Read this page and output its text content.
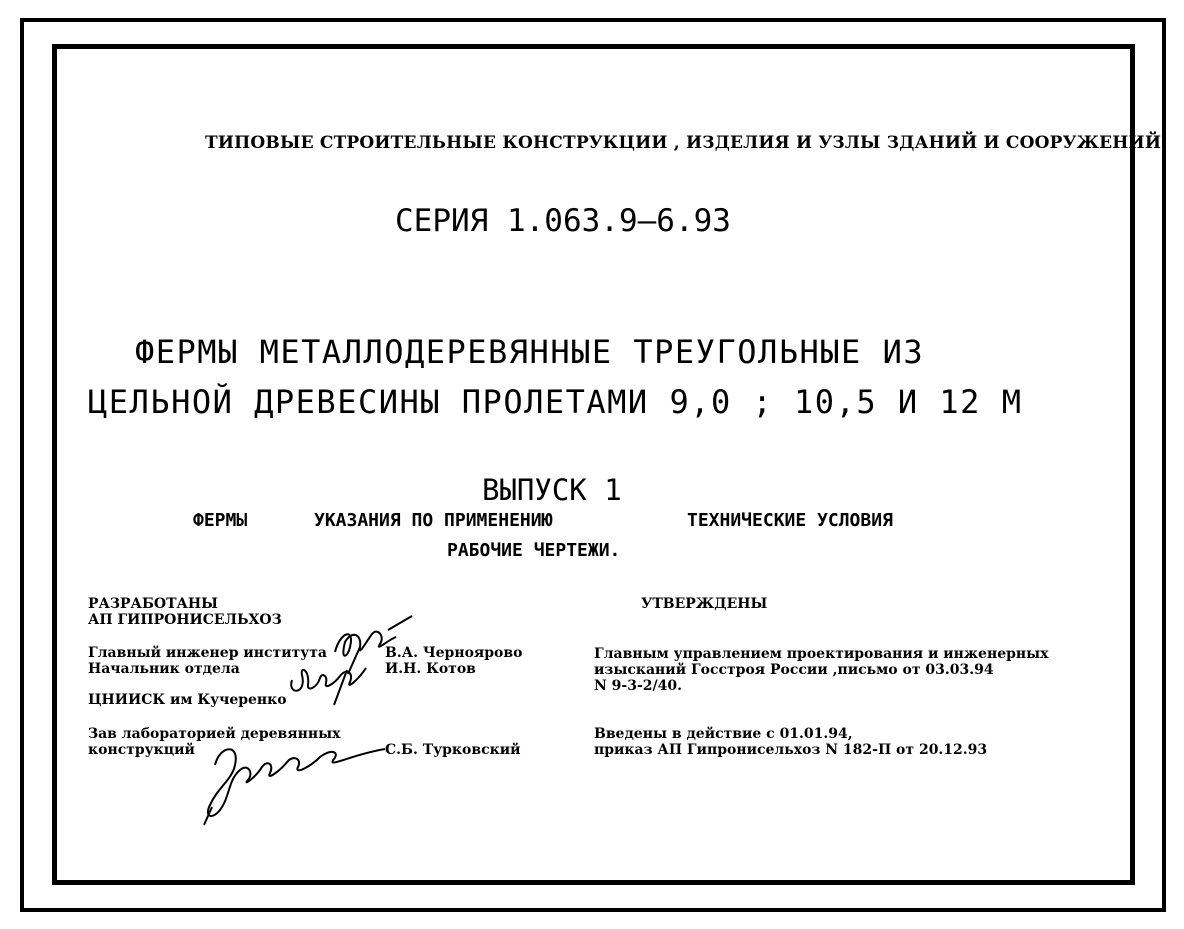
ТИПОВЫЕ СТРОИТЕЛЬНЫЕ КОНСТРУКЦИИ , ИЗДЕЛИЯ И УЗЛЫ ЗДАНИЙ И СООРУЖЕНИЙ
СЕРИЯ 1.063.9–6.93
ФЕРМЫ МЕТАЛЛОДЕРЕВЯННЫЕ ТРЕУГОЛЬНЫЕ ИЗ
ЦЕЛЬНОЙ ДРЕВЕСИНЫ ПРОЛЕТАМИ 9,0 ; 10,5 И 12 М
ВЫПУСК 1
ФЕРМЫ	УКАЗАНИЯ ПО ПРИМЕНЕНИЮ	ТЕХНИЧЕСКИЕ УСЛОВИЯ
РАБОЧИЕ ЧЕРТЕЖИ.
РАЗРАБОТАНЫ
АП ГИПРОНИСЕЛЬХОЗ
Главный инженер института	В.А. Черноярово
Начальник отдела	И.Н. Котов
ЦНИИСК им Кучеренко
Зав лабораторией деревянных
конструкций	С.Б. Турковский
УТВЕРЖДЕНЫ
Главным управлением проектирования и инженерных
изысканий Госстроя России ,письмо от 03.03.94
N 9-3-2/40.
Введены в действие с 01.01.94,
приказ АП Гипронисельхоз N 182-П от 20.12.93
